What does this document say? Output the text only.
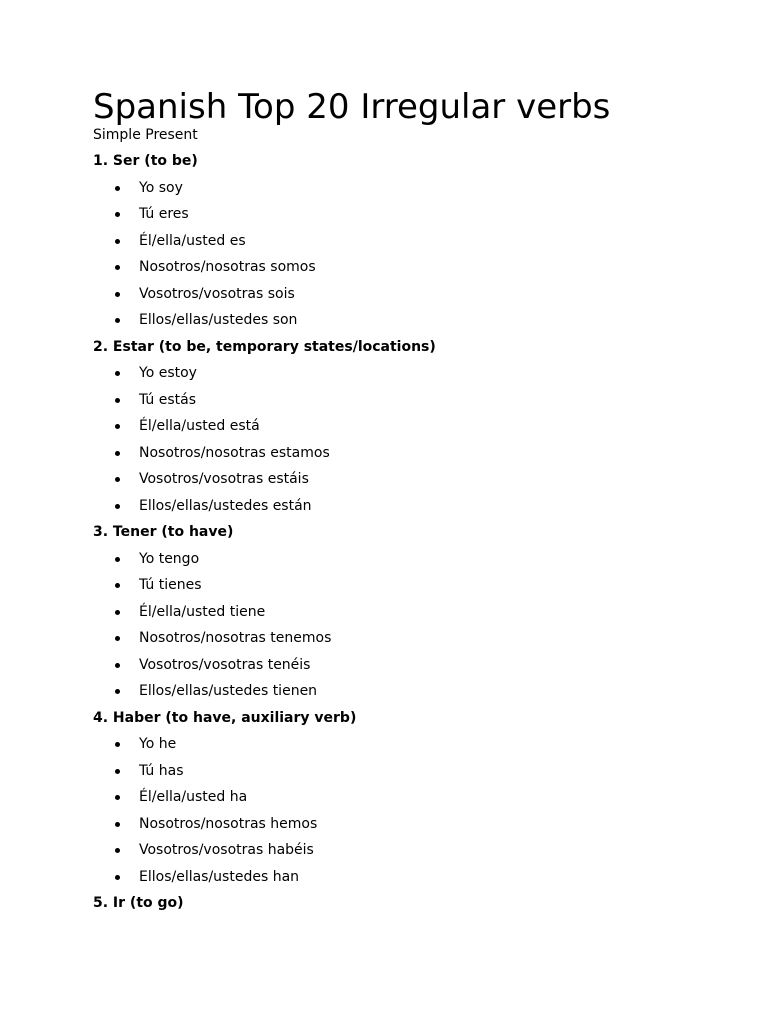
Spanish Top 20 Irregular verbs

Simple Present

1. Ser (to be)
Yo soy
Tú eres
Él/ella/usted es
Nosotros/nosotras somos
Vosotros/vosotras sois
Ellos/ellas/ustedes son
2. Estar (to be, temporary states/locations)
Yo estoy
Tú estás
Él/ella/usted está
Nosotros/nosotras estamos
Vosotros/vosotras estáis
Ellos/ellas/ustedes están
3. Tener (to have)
Yo tengo
Tú tienes
Él/ella/usted tiene
Nosotros/nosotras tenemos
Vosotros/vosotras tenéis
Ellos/ellas/ustedes tienen
4. Haber (to have, auxiliary verb)
Yo he
Tú has
Él/ella/usted ha
Nosotros/nosotras hemos
Vosotros/vosotras habéis
Ellos/ellas/ustedes han
5. Ir (to go)
